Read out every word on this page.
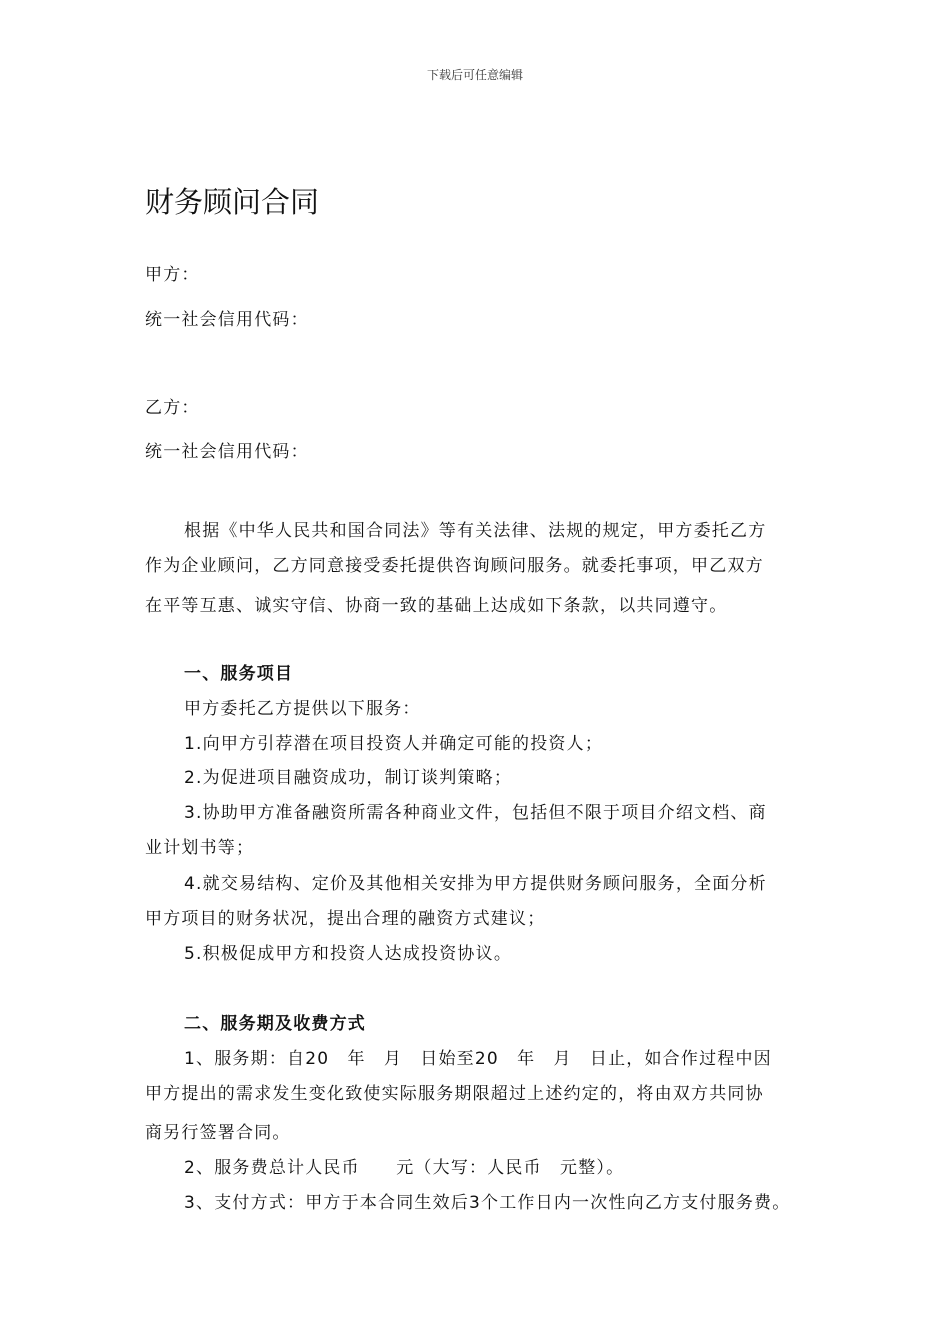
下载后可任意编辑
财务顾问合同
甲方：
统一社会信用代码：
乙方：
统一社会信用代码：
根据《中华人民共和国合同法》等有关法律、法规的规定，甲方委托乙方
作为企业顾问，乙方同意接受委托提供咨询顾问服务。就委托事项，甲乙双方
在平等互惠、诚实守信、协商一致的基础上达成如下条款，以共同遵守。
一、服务项目
甲方委托乙方提供以下服务：
1.向甲方引荐潜在项目投资人并确定可能的投资人；
2.为促进项目融资成功，制订谈判策略；
3.协助甲方准备融资所需各种商业文件，包括但不限于项目介绍文档、商
业计划书等；
4.就交易结构、定价及其他相关安排为甲方提供财务顾问服务，全面分析
甲方项目的财务状况，提出合理的融资方式建议；
5.积极促成甲方和投资人达成投资协议。
二、服务期及收费方式
1、服务期：自20　年　月　日始至20　年　月　日止，如合作过程中因
甲方提出的需求发生变化致使实际服务期限超过上述约定的，将由双方共同协
商另行签署合同。
2、服务费总计人民币　　元（大写：人民币　元整）。
3、支付方式：甲方于本合同生效后3个工作日内一次性向乙方支付服务费。
